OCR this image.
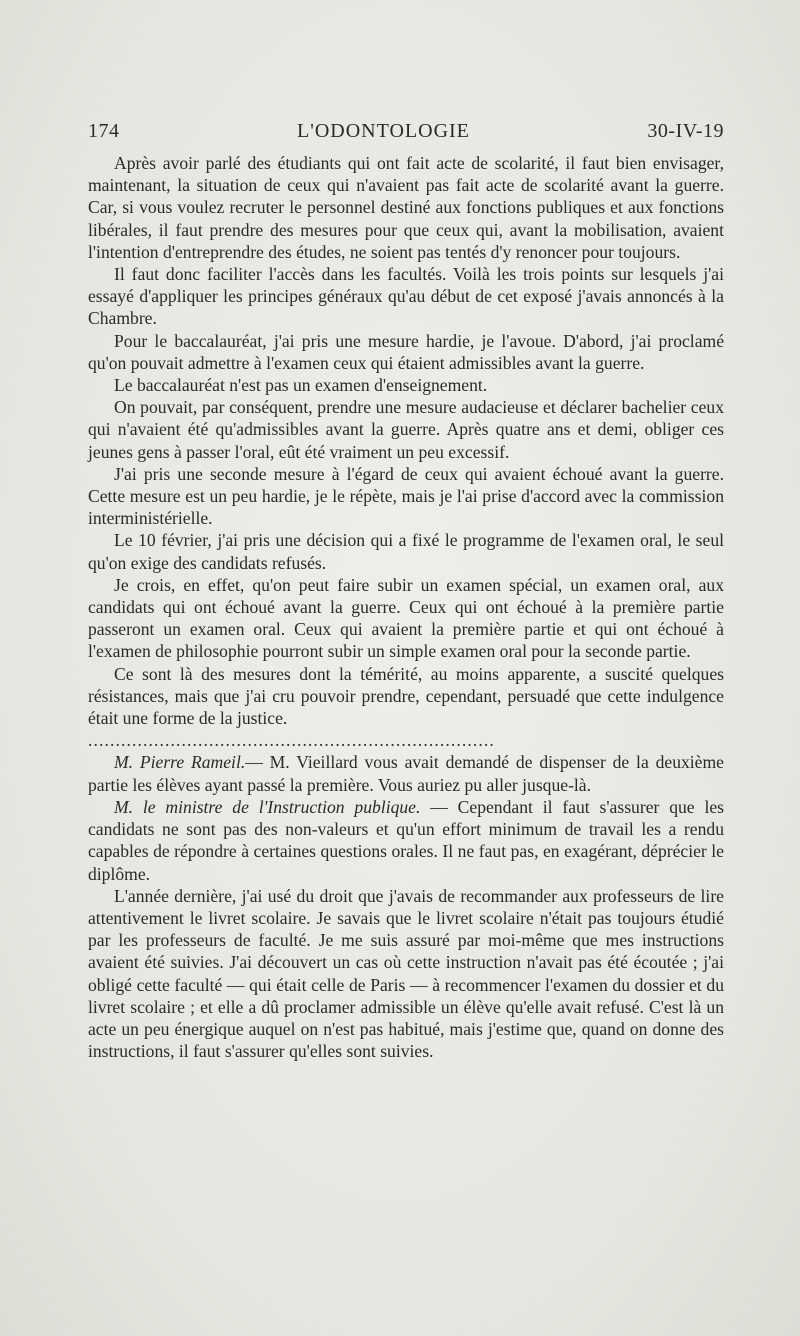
174	L'ODONTOLOGIE	30-IV-19

Après avoir parlé des étudiants qui ont fait acte de scolarité, il faut bien envisager, maintenant, la situation de ceux qui n'avaient pas fait acte de scolarité avant la guerre. Car, si vous voulez recruter le personnel destiné aux fonctions publiques et aux fonctions libérales, il faut prendre des mesures pour que ceux qui, avant la mobilisation, avaient l'intention d'entreprendre des études, ne soient pas tentés d'y renoncer pour toujours.

Il faut donc faciliter l'accès dans les facultés. Voilà les trois points sur lesquels j'ai essayé d'appliquer les principes généraux qu'au début de cet exposé j'avais annoncés à la Chambre.

Pour le baccalauréat, j'ai pris une mesure hardie, je l'avoue. D'abord, j'ai proclamé qu'on pouvait admettre à l'examen ceux qui étaient admissibles avant la guerre.

Le baccalauréat n'est pas un examen d'enseignement.

On pouvait, par conséquent, prendre une mesure audacieuse et déclarer bachelier ceux qui n'avaient été qu'admissibles avant la guerre. Après quatre ans et demi, obliger ces jeunes gens à passer l'oral, eût été vraiment un peu excessif.

J'ai pris une seconde mesure à l'égard de ceux qui avaient échoué avant la guerre. Cette mesure est un peu hardie, je le répète, mais je l'ai prise d'accord avec la commission interministérielle.

Le 10 février, j'ai pris une décision qui a fixé le programme de l'examen oral, le seul qu'on exige des candidats refusés.

Je crois, en effet, qu'on peut faire subir un examen spécial, un examen oral, aux candidats qui ont échoué avant la guerre. Ceux qui ont échoué à la première partie passeront un examen oral. Ceux qui avaient la première partie et qui ont échoué à l'examen de philosophie pourront subir un simple examen oral pour la seconde partie.

Ce sont là des mesures dont la témérité, au moins apparente, a suscité quelques résistances, mais que j'ai cru pouvoir prendre, cependant, persuadé que cette indulgence était une forme de la justice.

..........................................................................

M. Pierre Rameil.— M. Vieillard vous avait demandé de dispenser de la deuxième partie les élèves ayant passé la première. Vous auriez pu aller jusque-là.

M. le ministre de l'Instruction publique. — Cependant il faut s'assurer que les candidats ne sont pas des non-valeurs et qu'un effort minimum de travail les a rendu capables de répondre à certaines questions orales. Il ne faut pas, en exagérant, déprécier le diplôme.

L'année dernière, j'ai usé du droit que j'avais de recommander aux professeurs de lire attentivement le livret scolaire. Je savais que le livret scolaire n'était pas toujours étudié par les professeurs de faculté. Je me suis assuré par moi-même que mes instructions avaient été suivies. J'ai découvert un cas où cette instruction n'avait pas été écoutée ; j'ai obligé cette faculté — qui était celle de Paris — à recommencer l'examen du dossier et du livret scolaire ; et elle a dû proclamer admissible un élève qu'elle avait refusé. C'est là un acte un peu énergique auquel on n'est pas habitué, mais j'estime que, quand on donne des instructions, il faut s'assurer qu'elles sont suivies.
